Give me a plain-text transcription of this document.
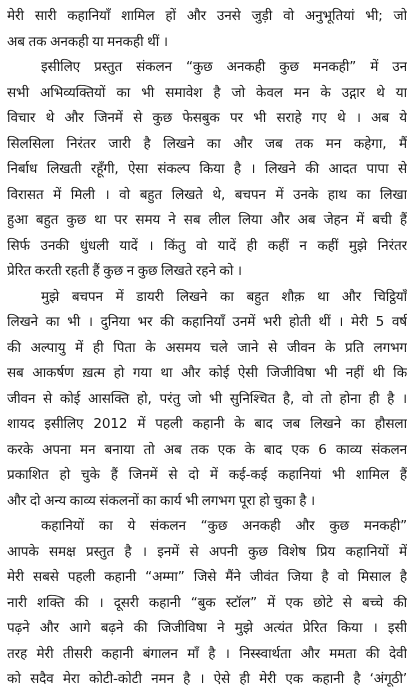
मेरी सारी कहानियाँ शामिल हों और उनसे जुड़ी वो अनुभूतियां भी; जो
अब तक अनकही या मनकही थीं ।

इसीलिए प्रस्तुत संकलन “कुछ अनकही कुछ मनकही” में उन
सभी अभिव्यक्तियों का भी समावेश है जो केवल मन के उद्गार थे या
विचार थे और जिनमें से कुछ फेसबुक पर भी सराहे गए थे । अब ये
सिलसिला निरंतर जारी है लिखने का और जब तक मन कहेगा, मैं
निर्बाध लिखती रहूँगी, ऐसा संकल्प किया है । लिखने की आदत पापा से
विरासत में मिली । वो बहुत लिखते थे, बचपन में उनके हाथ का लिखा
हुआ बहुत कुछ था पर समय ने सब लील लिया और अब जेहन में बची हैं
सिर्फ उनकी धुंधली यादें । किंतु वो यादें ही कहीं न कहीं मुझे निरंतर
प्रेरित करती रहती हैं कुछ न कुछ लिखते रहने को ।

मुझे बचपन में डायरी लिखने का बहुत शौक़ था और चिट्ठियाँ
लिखने का भी । दुनिया भर की कहानियाँ उनमें भरी होती थीं । मेरी 5 वर्ष
की अल्पायु में ही पिता के असमय चले जाने से जीवन के प्रति लगभग
सब आकर्षण ख़त्म हो गया था और कोई ऐसी जिजीविषा भी नहीं थी कि
जीवन से कोई आसक्ति हो, परंतु जो भी सुनिश्चित है, वो तो होना ही है ।
शायद इसीलिए 2012 में पहली कहानी के बाद जब लिखने का हौसला
करके अपना मन बनाया तो अब तक एक के बाद एक 6 काव्य संकलन
प्रकाशित हो चुके हैं जिनमें से दो में कई-कई कहानियां भी शामिल हैं
और दो अन्य काव्य संकलनों का कार्य भी लगभग पूरा हो चुका है ।

कहानियों का ये संकलन “कुछ अनकही और कुछ मनकही”
आपके समक्ष प्रस्तुत है । इनमें से अपनी कुछ विशेष प्रिय कहानियों में
मेरी सबसे पहली कहानी “अम्मा” जिसे मैंने जीवंत जिया है वो मिसाल है
नारी शक्ति की । दूसरी कहानी “बुक स्टॉल” में एक छोटे से बच्चे की
पढ़ने और आगे बढ़ने की जिजीविषा ने मुझे अत्यंत प्रेरित किया । इसी
तरह मेरी तीसरी कहानी बंगालन माँ है । निस्स्वार्थता और ममता की देवी
को सदैव मेरा कोटी-कोटी नमन है । ऐसे ही मेरी एक कहानी है ‘अंगूठी’
